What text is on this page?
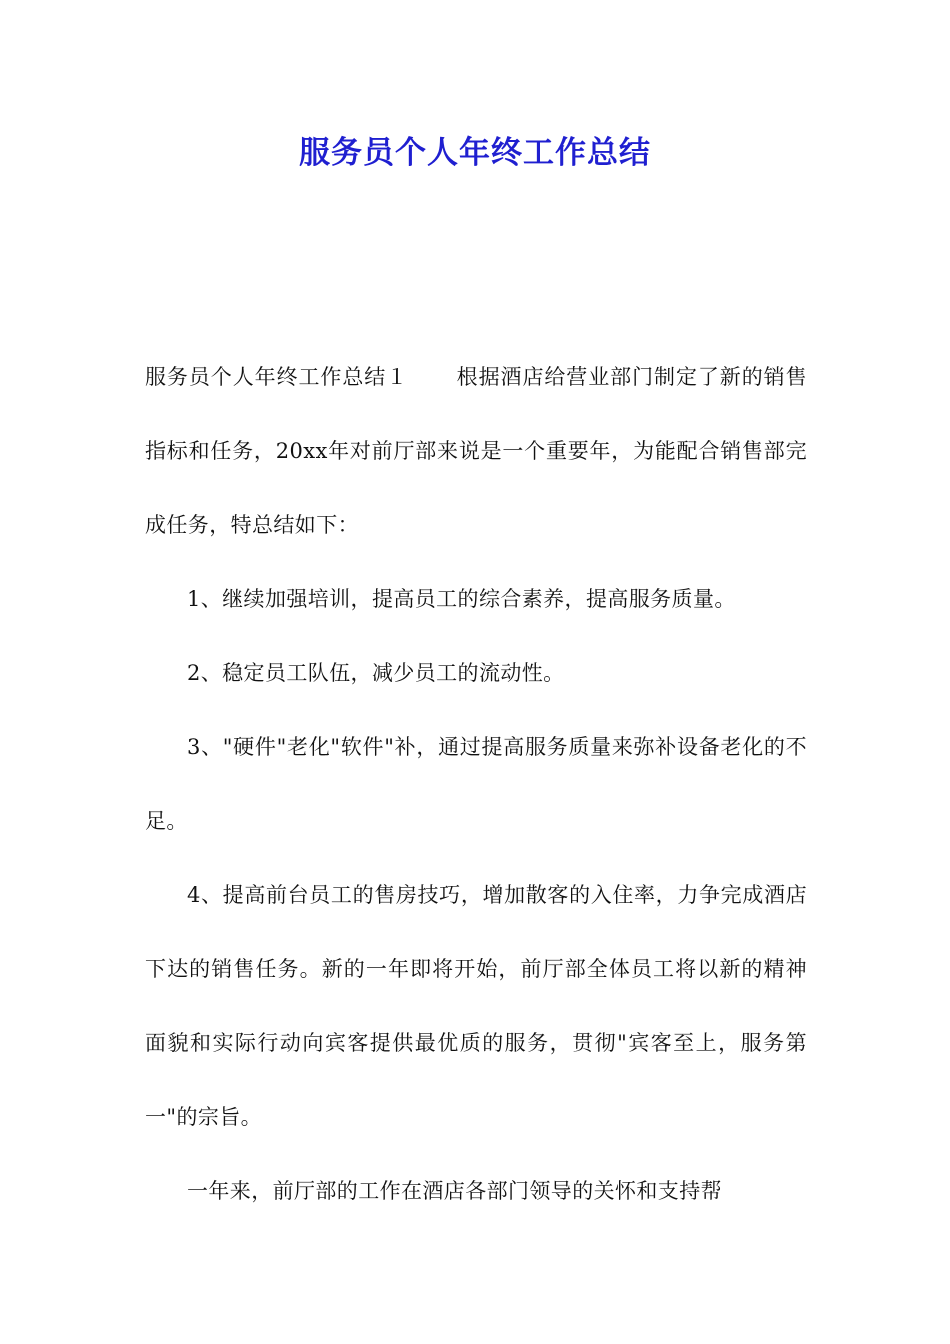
服务员个人年终工作总结

服务员个人年终工作总结１ 根据酒店给营业部门制定了新的销售指标和任务，20xx年对前厅部来说是一个重要年，为能配合销售部完成任务，特总结如下：

1、继续加强培训，提高员工的综合素养，提高服务质量。

2、稳定员工队伍，减少员工的流动性。

3、"硬件"老化"软件"补，通过提高服务质量来弥补设备老化的不足。

4、提高前台员工的售房技巧，增加散客的入住率，力争完成酒店下达的销售任务。新的一年即将开始，前厅部全体员工将以新的精神面貌和实际行动向宾客提供最优质的服务，贯彻"宾客至上，服务第一"的宗旨。

一年来，前厅部的工作在酒店各部门领导的关怀和支持帮
